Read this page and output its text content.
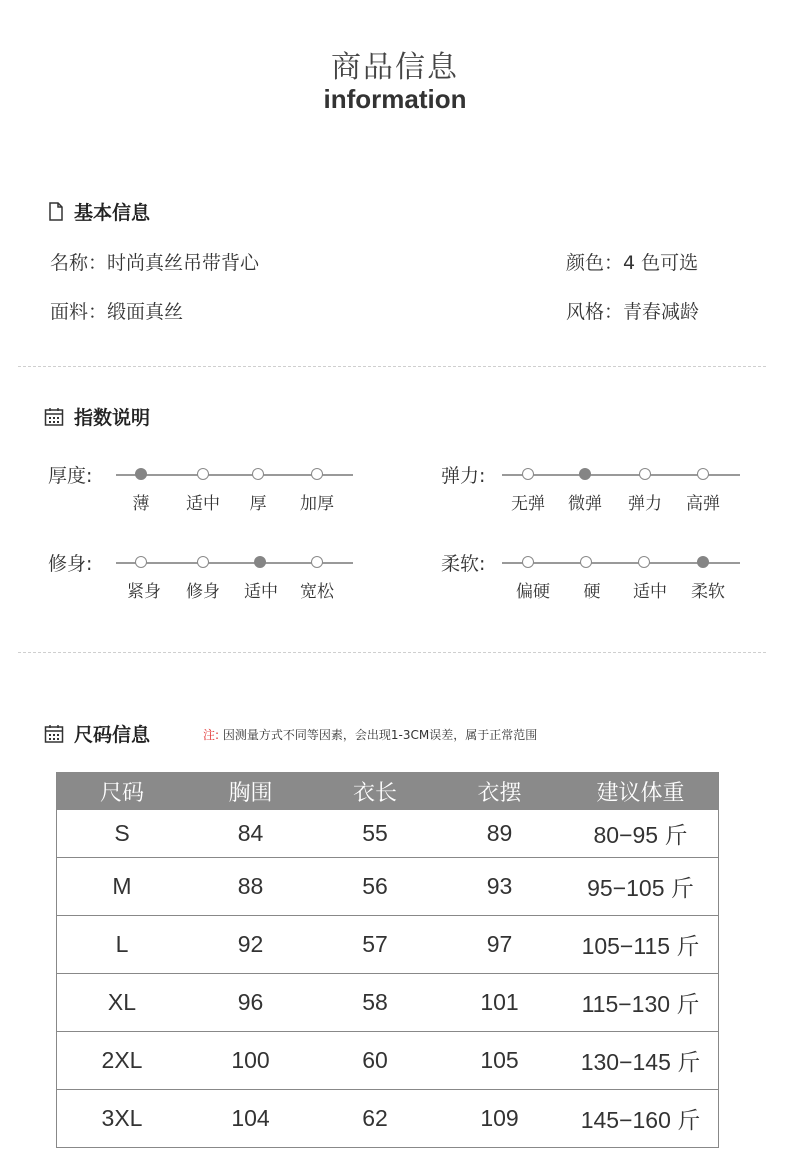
商品信息
information
基本信息
名称：时尚真丝吊带背心	颜色：4 色可选
面料：缎面真丝	风格：青春减龄
指数说明
厚度:
薄	适中	厚	加厚
弹力:
无弹	微弹	弹力	高弹
修身:
紧身	修身	适中	宽松
柔软:
偏硬	硬	适中	柔软
尺码信息	注: 因测量方式不同等因素，会出现1-3CM误差，属于正常范围
尺码	胸围	衣长	衣摆	建议体重
S	84	55	89	80−95 斤
M	88	56	93	95−105 斤
L	92	57	97	105−115 斤
XL	96	58	101	115−130 斤
2XL	100	60	105	130−145 斤
3XL	104	62	109	145−160 斤
